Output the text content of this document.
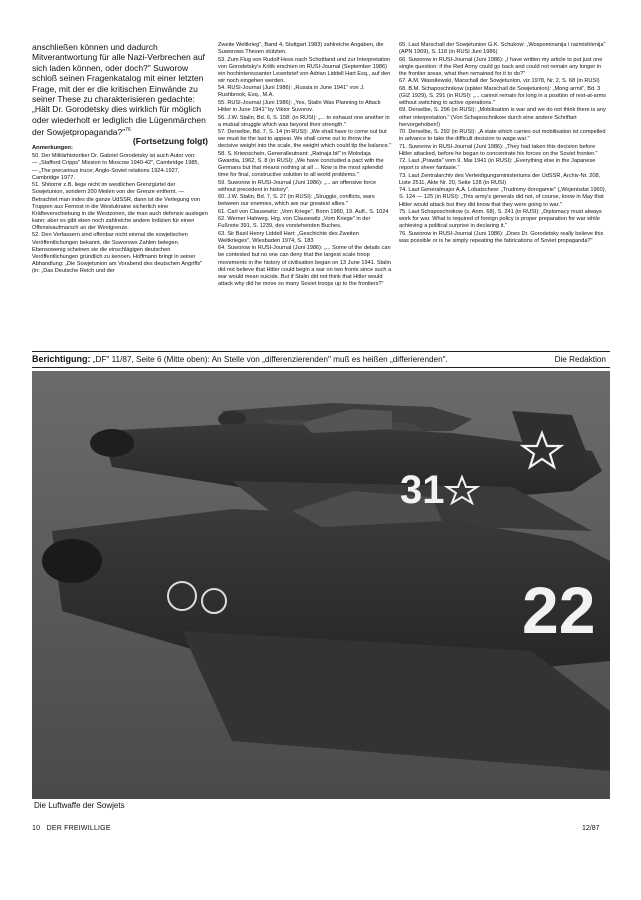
anschließen können und dadurch Mitverantwortung für alle Nazi-Verbrechen auf sich laden können, oder doch?" Suworow schloß seinen Fragenkatalog mit einer letzten Frage, mit der er die kritischen Einwände zu seiner These zu charakterisieren gedachte: „Hält Dr. Gorodetsky dies wirklich für möglich oder wiederholt er lediglich die Lügenmärchen der Sowjetpropaganda?"$^{76}$

(Fortsetzung folgt)

Anmerkungen:

50. Der Militärhistoriker Dr. Gabriel Gorodetsky ist auch Autor von:

— „Stafford Cripps" Mission to Moscow 1940-42", Cambridge 1985,

— „The precarious truce; Anglo-Soviet relations 1924-1927, Cambridge 1977.

51. Shitomir z.B. liege nicht im westlichen Grenzgürtel der Sowjetunion, sondern 200 Meilen von der Grenze entfernt. — Betrachtet man indes die ganze UdSSR, dann ist die Verlegung von Truppen aus Fernost in die Westukraine sicherlich eine Kräfteverschiebung in die Westzonen, die man auch defensiv auslegen kann; aber es gibt eben noch zahlreiche andere Indizien für einen Offensivaufmarsch an der Westgrenze.

52. Den Verfassern sind offenbar nicht einmal die sowjetischen Veröffentlichungen bekannt, die Suworows Zahlen belegen. Ebensowenig scheinen sie die einschlägigen deutschen Veröffentlichungen gründlich zu kennen. Hoffmann bringt in seiner Abhandlung: „Die Sowjetunion am Vorabend des deutschen Angriffs" (in: „Das Deutsche Reich und der

Zweite Weltkrieg", Band 4, Stuttgart 1983) zahlreiche Angaben, die Suworows Thesen stützten.

53. Zum Flug von Rudolf Hess nach Schottland und zur Interpretation von Gorodetsky's Kritik erschien im RUSI-Journal (September 1986) ein hochinteressanter Leserbrief von Adrian Liddell Hart Esq., auf den wir noch eingehen werden.

54. RUSI-Journal (Juni 1986): „Russia in June 1941" von J. Rushbrook, Esq., M.A.

55. RUSI-Journal (Juni 1986): „Yes, Stalin Was Planning to Attack Hitler in June 1941" by Viktor Suvorov.

56. J.W. Stalin, Bd. 6, S. 158: (in RUSI): „... to exhaust one another in a mutual struggle which was beyond their strength."

57. Derselbe, Bd. 7, S. 14 (in RUSI): „We shall have to come out but we must be the last to appear. We shall come out to throw the decisive weight into the scale, the weight which could tip the balance."

58. S. Kriwoschein, Generalleutnant: „Ratnaja bil" in Molodaja Gwardia, 1962, S. 8 (in RUSI): „We have concluded a pact with the Germans but that means nothing at all ... Now is the most splendid time for final, constructive solution to all world problems."

59. Suworow in RUSI-Journal (Juni 1986): „... an offensive force without precedent in history".

60. J.W. Stalin, Bd. 7, S. 27 (in RUSI): „Struggle, conflicts, wars between our enemies, which are our greatest allies."

61. Carl von Clausewitz: „Vom Kriege", Bonn 1980, 19. Aufl., S. 1024

62. Werner Hahweg, Hrg. von Clausewitz „Vom Kriege" in der Fußnote 391, S. 1239, des vorstehenden Buches.

63. Sir Basil Henry Liddell Hart: „Geschichte des Zweiten Weltkrieges", Wiesbaden 1974, S. 183

64. Suworow in RUSI-Journal (Juni 1986): „... Some of the details can be contested but no one can deny that the largest scale troop movements in the history of civilisation began on 13 June 1941. Stalin did not believe that Hitler could begin a war on two fronts since such a war would mean suicide. But if Stalin did not think that Hitler would attack why did he move so many Soviet troops up to the frontiers?"

65. Laut Marschall der Sowjetunion G.K. Schukow: „Wospominanija i razmishlenija" (APN 1969), S. 118 (in RUSI Juni 1986)

66. Suworow in RUSI-Journal (Juni 1986): „I have written my article to put just one single question: if the Red Army could go back and could not remain any longer in the frontier areas, what then remained for it to do?"

67. A.M. Wassilewski, Marschall der Sowjetunion, viz 1978, Nr. 2, S. 68 (in RUSI)

68. B.M. Schaposchnikow (später Marschall de Sowjetunion): „Mong armii", Bd. 3 (GIZ 1929), S. 291 (in RUSI): „... cannot remain for long in a position of rest-at-arms without switching to active operations."

69. Derselbe, S. 296 (in RUSI): „Mobilisation is war and we do not think there is any other interpretation." (Von Schaposchnikow durch eine andere Schriftart hervorgehoben!)

70. Derselbe, S. 292 (in RUSI): „A state which carries out mobilisation ist compelled in advance to take the difficult decision to wage war."

71. Suworow in RUSI-Journal (Juni 1986): „They had taken this decision before Hitler attacked, before he began to concentrate his forces on the Soviet frontier."

72. Laut „Prawda" vom 9. Mai 1941 (in RUSI): „Everything else in the Japanese report is sheer fantasie."

73. Laut Zentralarchiv des Verteidigungsministeriums der UdSSR, Archiv-Nr. 208, Liste 2511, Akte Nr. 20, Seite 128 (in RUSI)

74. Laut Generalmajor A.A. Lobatschew: „Trudnimy dorogamie" („Wojenisdat 1960), S. 124 — 125 (in RUSI): „This army's generals did not, of course, know in May that Hitler would attack but they did know that they were going to war."

75. Laut Schaposchnikow (s. Anm. 68), S. 241 (in RUSI): „Diplomacy must always work for war. What is required of foreign policy is proper preparation for war while achieving a political surprise in declaring it."

76. Suworow in RUSI-Journal (Juni 1986): „Does Dr. Gorodetsky really believe this was possible or is he simply repeating the fabrications of Soviet propaganda?"

Berichtigung: „DF" 11/87, Seite 6 (Mitte oben): An Stelle von „differenzierenden" muß es heißen „differierenden".	Die Redaktion
31
22
Die Luftwaffe der Sowjets
10 DER FREIWILLIGE	12/87
